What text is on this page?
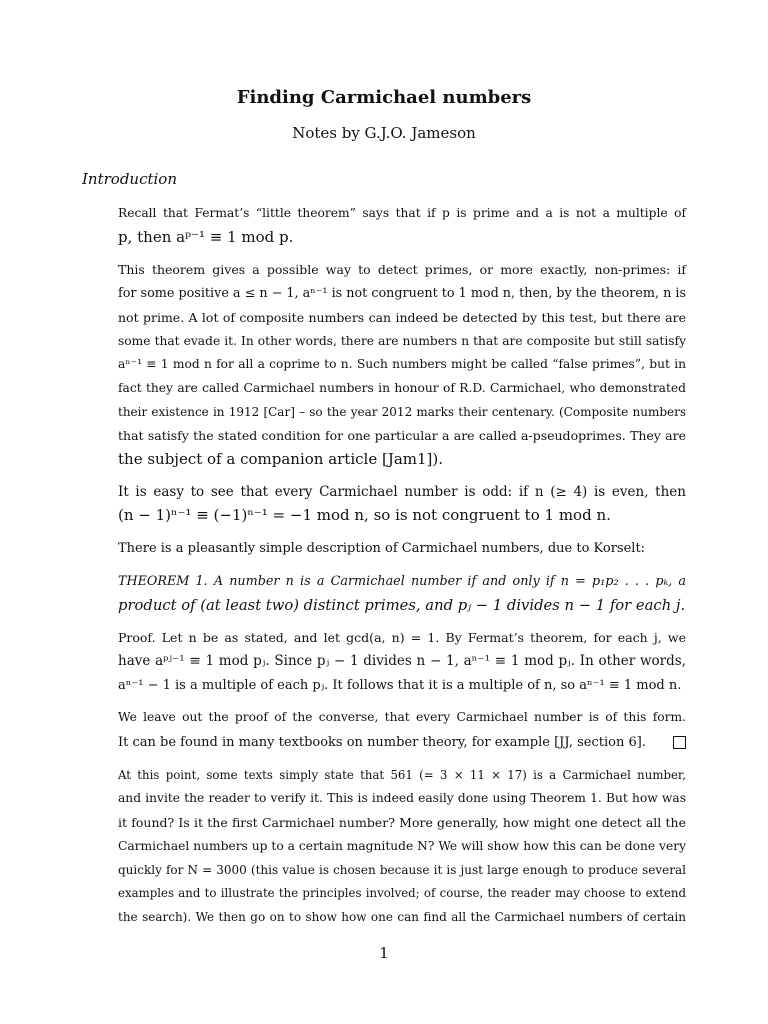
Finding Carmichael numbers
Notes by G.J.O. Jameson
Introduction

Recall that Fermat’s “little theorem” says that if p is prime and a is not a multiple of
p, then aᵖ⁻¹ ≡ 1 mod p.

This theorem gives a possible way to detect primes, or more exactly, non-primes: if
for some positive a ≤ n − 1, aⁿ⁻¹ is not congruent to 1 mod n, then, by the theorem, n is
not prime. A lot of composite numbers can indeed be detected by this test, but there are
some that evade it. In other words, there are numbers n that are composite but still satisfy
aⁿ⁻¹ ≡ 1 mod n for all a coprime to n. Such numbers might be called “false primes”, but in
fact they are called Carmichael numbers in honour of R.D. Carmichael, who demonstrated
their existence in 1912 [Car] – so the year 2012 marks their centenary. (Composite numbers
that satisfy the stated condition for one particular a are called a-pseudoprimes. They are
the subject of a companion article [Jam1]).

It is easy to see that every Carmichael number is odd: if n (≥ 4) is even, then
(n − 1)ⁿ⁻¹ ≡ (−1)ⁿ⁻¹ = −1 mod n, so is not congruent to 1 mod n.

There is a pleasantly simple description of Carmichael numbers, due to Korselt:

THEOREM 1. A number n is a Carmichael number if and only if n = p₁p₂ . . . pₖ, a
product of (at least two) distinct primes, and pⱼ − 1 divides n − 1 for each j.

Proof. Let n be as stated, and let gcd(a, n) = 1. By Fermat’s theorem, for each j, we
have aᵖʲ⁻¹ ≡ 1 mod pⱼ. Since pⱼ − 1 divides n − 1, aⁿ⁻¹ ≡ 1 mod pⱼ. In other words,
aⁿ⁻¹ − 1 is a multiple of each pⱼ. It follows that it is a multiple of n, so aⁿ⁻¹ ≡ 1 mod n.

We leave out the proof of the converse, that every Carmichael number is of this form.
It can be found in many textbooks on number theory, for example [JJ, section 6].

At this point, some texts simply state that 561 (= 3 × 11 × 17) is a Carmichael number,
and invite the reader to verify it. This is indeed easily done using Theorem 1. But how was
it found? Is it the first Carmichael number? More generally, how might one detect all the
Carmichael numbers up to a certain magnitude N? We will show how this can be done very
quickly for N = 3000 (this value is chosen because it is just large enough to produce several
examples and to illustrate the principles involved; of course, the reader may choose to extend
the search). We then go on to show how one can find all the Carmichael numbers of certain

1
